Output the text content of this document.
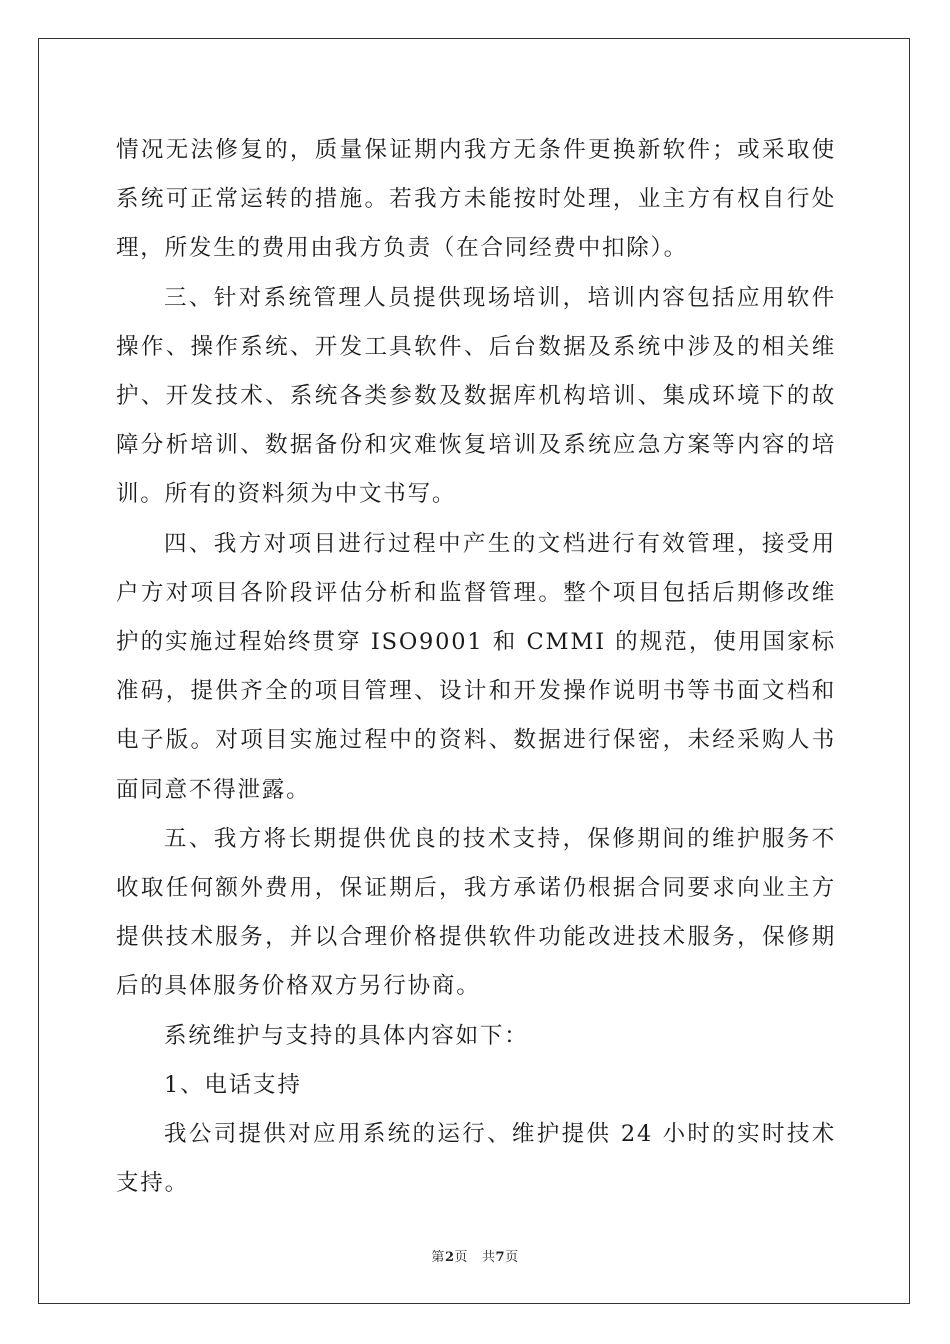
情况无法修复的，质量保证期内我方无条件更换新软件；或采取使系统可正常运转的措施。若我方未能按时处理，业主方有权自行处理，所发生的费用由我方负责（在合同经费中扣除）。

三、针对系统管理人员提供现场培训，培训内容包括应用软件操作、操作系统、开发工具软件、后台数据及系统中涉及的相关维护、开发技术、系统各类参数及数据库机构培训、集成环境下的故障分析培训、数据备份和灾难恢复培训及系统应急方案等内容的培训。所有的资料须为中文书写。

四、我方对项目进行过程中产生的文档进行有效管理，接受用户方对项目各阶段评估分析和监督管理。整个项目包括后期修改维护的实施过程始终贯穿 ISO9001 和 CMMI 的规范，使用国家标准码，提供齐全的项目管理、设计和开发操作说明书等书面文档和电子版。对项目实施过程中的资料、数据进行保密，未经采购人书面同意不得泄露。

五、我方将长期提供优良的技术支持，保修期间的维护服务不收取任何额外费用，保证期后，我方承诺仍根据合同要求向业主方提供技术服务，并以合理价格提供软件功能改进技术服务，保修期后的具体服务价格双方另行协商。

系统维护与支持的具体内容如下：

1、电话支持

我公司提供对应用系统的运行、维护提供 24 小时的实时技术支持。

第2页 共7页
